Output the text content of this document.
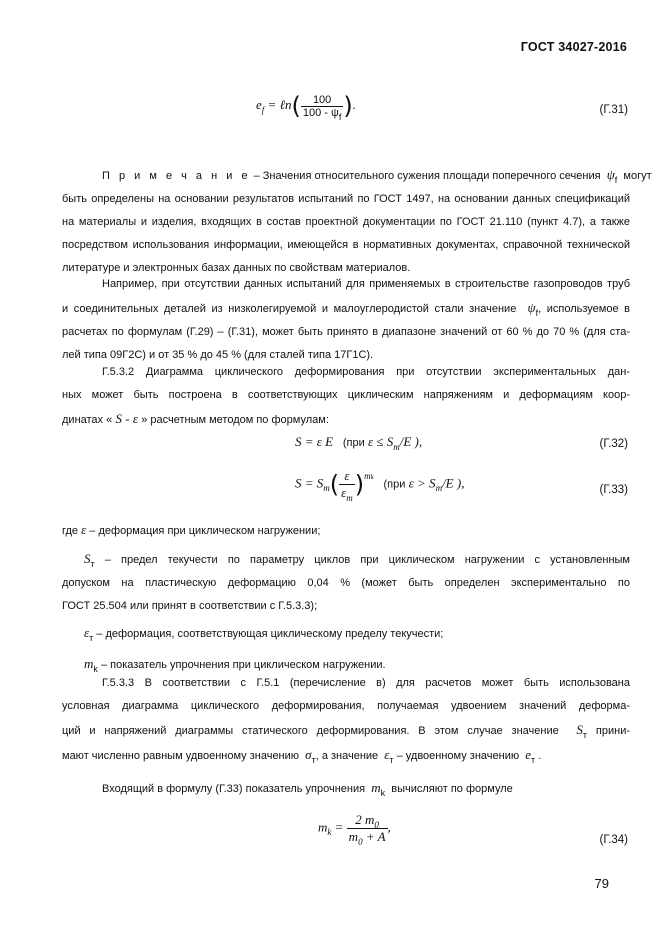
ГОСТ 34027-2016
$e_f$ = ℓn( $\frac{100}{100 - \psi_f}$ ).	(Г.31)
П р и м е ч а н и е – Значения относительного сужения площади поперечного сечения $\psi_f$ могут
быть определены на основании результатов испытаний по ГОСТ 1497, на основании данных спецификаций
на материалы и изделия, входящих в состав проектной документации по ГОСТ 21.110 (пункт 4.7), а также
посредством использования информации, имеющейся в нормативных документах, справочной технической
литературе и электронных базах данных по свойствам материалов.
Например, при отсутствии данных испытаний для применяемых в строительстве газопроводов труб
и соединительных деталей из низколегируемой и малоуглеродистой стали значение $\psi_f$, используемое в
расчетах по формулам (Г.29) – (Г.31), может быть принято в диапазоне значений от 60 % до 70 % (для ста-
лей типа 09Г2С) и от 35 % до 45 % (для сталей типа 17Г1С).
Г.5.3.2 Диаграмма циклического деформирования при отсутствии экспериментальных дан-
ных может быть построена в соответствующих циклическим напряжениям и деформациям коор-
динатах « S - ε » расчетным методом по формулам:
S = ε E (при $\varepsilon \le S_т/E$ ),	(Г.32)
$S = S_т( \frac{\varepsilon}{\varepsilon_т} )^{mk}$   (при $\varepsilon > S_т/E$ ),	(Г.33)
где ε – деформация при циклическом нагружении;
$S_т$ – предел текучести по параметру циклов при циклическом нагружении с установленным
допуском на пластическую деформацию 0,04 % (может быть определен экспериментально по
ГОСТ 25.504 или принят в соответствии с Г.5.3.3);
$\varepsilon_т$ – деформация, соответствующая циклическому пределу текучести;
$m_k$ – показатель упрочнения при циклическом нагружении.
Г.5.3.3 В соответствии с Г.5.1 (перечисление в) для расчетов может быть использована
условная диаграмма циклического деформирования, получаемая удвоением значений деформа-
ций и напряжений диаграммы статического деформирования. В этом случае значение $S_т$ прини-
мают численно равным удвоенному значению $\sigma_т$, а значение $\varepsilon_т$ – удвоенному значению $e_т$ .
Входящий в формулу (Г.33) показатель упрочнения $m_k$ вычисляют по формуле
$m_k = \frac{2 m_0}{m_0 + A}$ ,
(Г.34)
79
